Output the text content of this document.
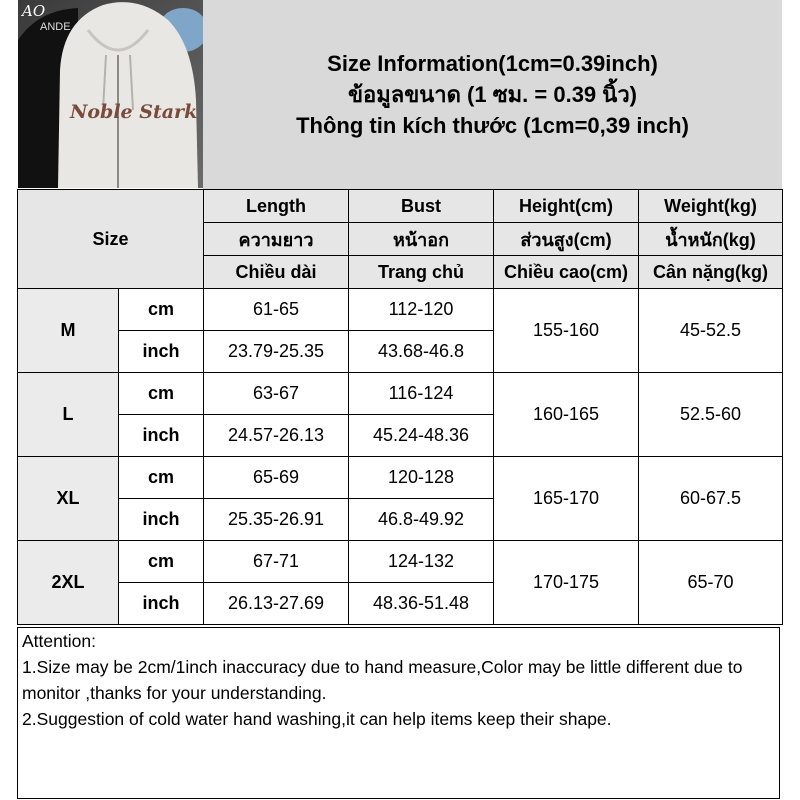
Noble Stark
AO
ANDE
Size Information(1cm=0.39inch)
ข้อมูลขนาด (1 ซม. = 0.39 นิ้ว)
Thông tin kích thước (1cm=0,39 inch)
Size		Length	Bust	Height(cm)	Weight(kg)
		ความยาว	หน้าอก	ส่วนสูง(cm)	น้ำหนัก(kg)
		Chiều dài	Trang chủ	Chiều cao(cm)	Cân nặng(kg)
M	cm	61-65	112-120	155-160	45-52.5
	inch	23.79-25.35	43.68-46.8		
L	cm	63-67	116-124	160-165	52.5-60
	inch	24.57-26.13	45.24-48.36		
XL	cm	65-69	120-128	165-170	60-67.5
	inch	25.35-26.91	46.8-49.92		
2XL	cm	67-71	124-132	170-175	65-70
	inch	26.13-27.69	48.36-51.48		

Attention:

1.Size may be 2cm/1inch inaccuracy due to hand measure,Color may be little different due to monitor ,thanks for your understanding.

2.Suggestion of cold water hand washing,it can help items keep their shape.
